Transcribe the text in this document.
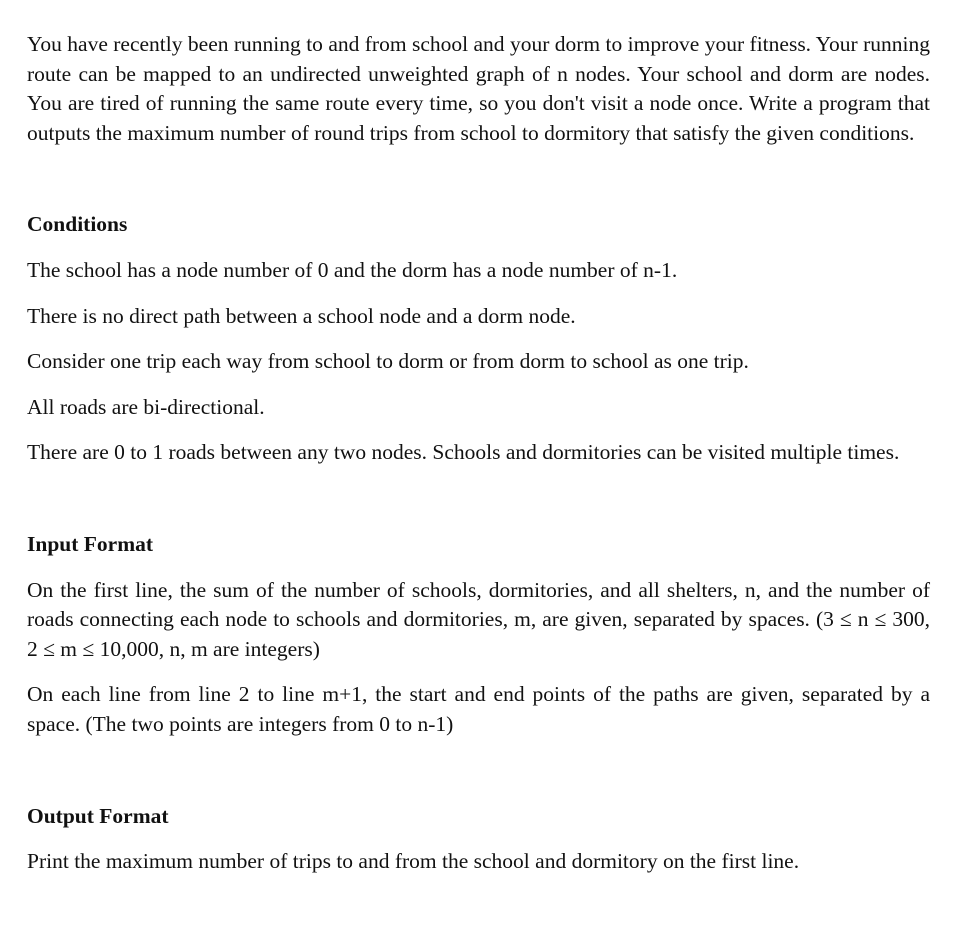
You have recently been running to and from school and your dorm to improve your fitness. Your running route can be mapped to an undirected unweighted graph of n nodes. Your school and dorm are nodes. You are tired of running the same route every time, so you don't visit a node once. Write a program that outputs the maximum number of round trips from school to dormitory that satisfy the given conditions.

Conditions

The school has a node number of 0 and the dorm has a node number of n-1.

There is no direct path between a school node and a dorm node.

Consider one trip each way from school to dorm or from dorm to school as one trip.

All roads are bi-directional.

There are 0 to 1 roads between any two nodes. Schools and dormitories can be visited multiple times.

Input Format

On the first line, the sum of the number of schools, dormitories, and all shelters, n, and the number of roads connecting each node to schools and dormitories, m, are given, separated by spaces. (3 ≤ n ≤ 300, 2 ≤ m ≤ 10,000, n, m are integers)

On each line from line 2 to line m+1, the start and end points of the paths are given, separated by a space. (The two points are integers from 0 to n-1)

Output Format

Print the maximum number of trips to and from the school and dormitory on the first line.
